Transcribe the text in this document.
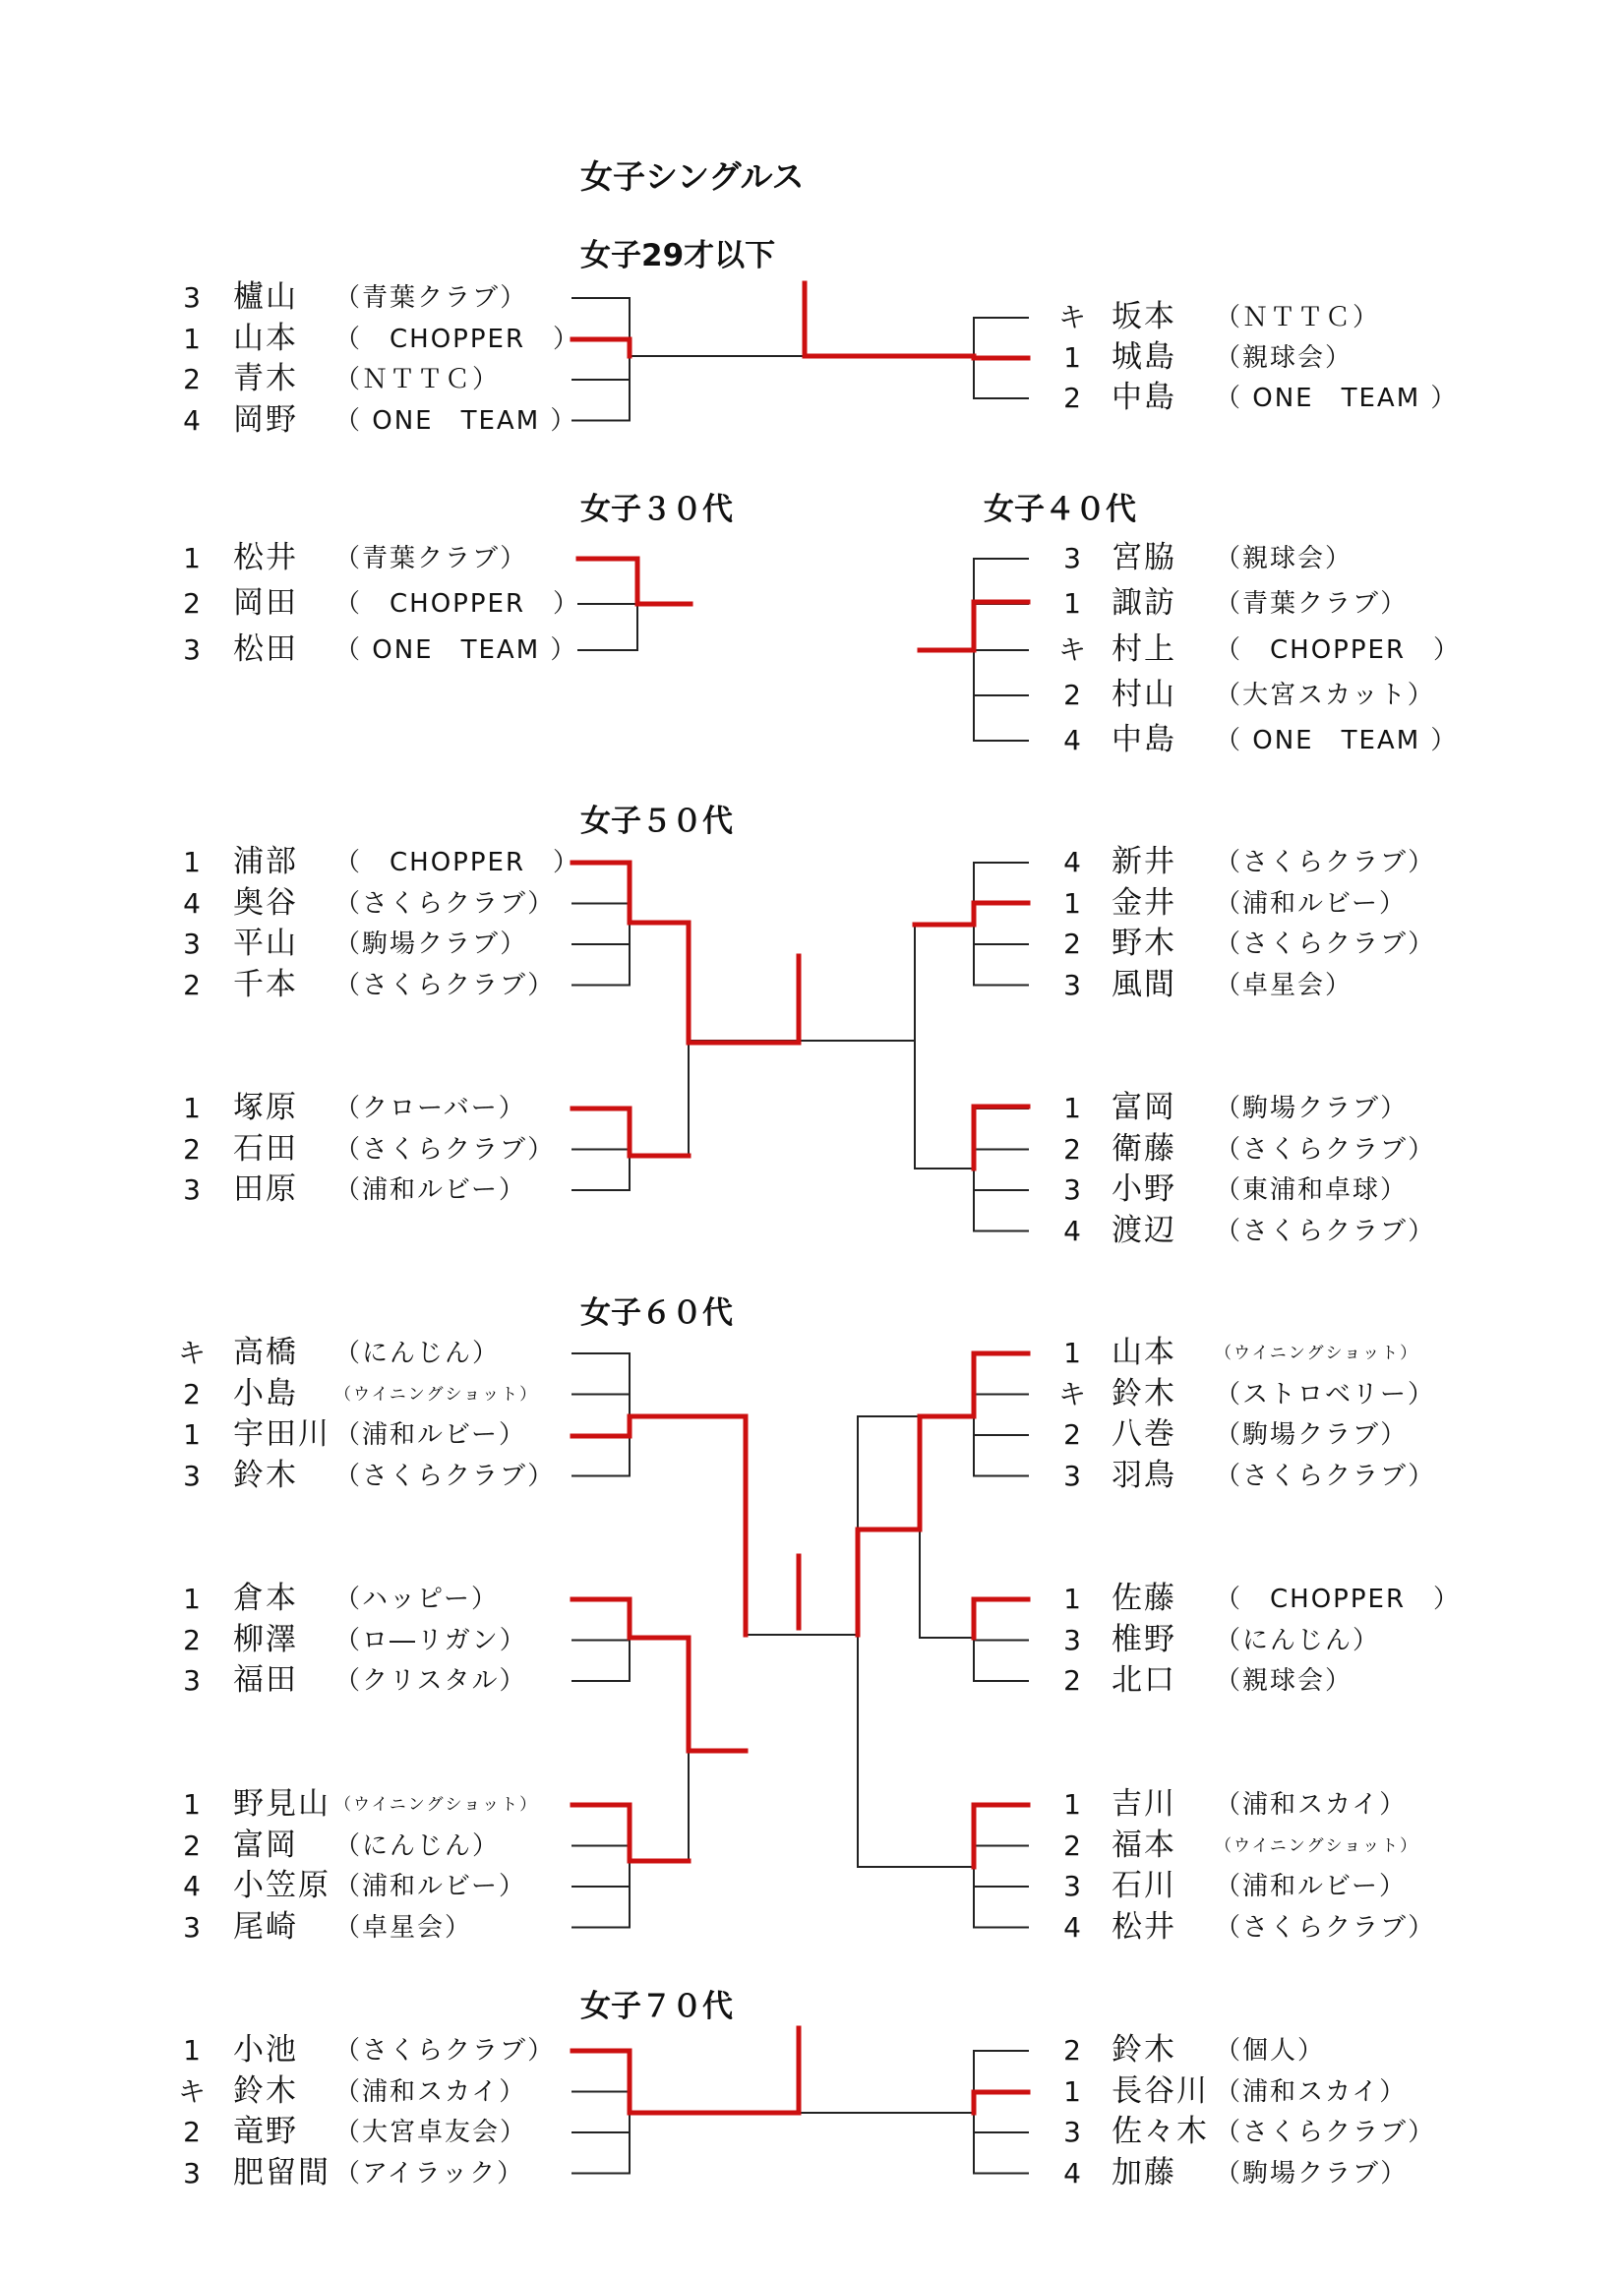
女子シングルス
女子29才以下
女子３０代	女子４０代
女子５０代
女子６０代
女子７０代
3 櫨山 （青葉クラブ）
1 山本 （　CHOPPER　）
2 青木 （ＮＴＴＣ）
4 岡野 （ ONE　TEAM ）
キ 坂本 （ＮＴＴＣ）
1 城島 （親球会）
2 中島 （ ONE　TEAM ）
1 松井 （青葉クラブ）
2 岡田 （　CHOPPER　）
3 松田 （ ONE　TEAM ）
3 宮脇 （親球会）
1 諏訪 （青葉クラブ）
キ 村上 （　CHOPPER　）
2 村山 （大宮スカット）
4 中島 （ ONE　TEAM ）
1 浦部 （　CHOPPER　）
4 奥谷 （さくらクラブ）
3 平山 （駒場クラブ）
2 千本 （さくらクラブ）
1 塚原 （クローバー）
2 石田 （さくらクラブ）
3 田原 （浦和ルビー）
4 新井 （さくらクラブ）
1 金井 （浦和ルビー）
2 野木 （さくらクラブ）
3 風間 （卓星会）
1 富岡 （駒場クラブ）
2 衛藤 （さくらクラブ）
3 小野 （東浦和卓球）
4 渡辺 （さくらクラブ）
キ 高橋 （にんじん）
2 小島 （ウイニングショット）
1 宇田川 （浦和ルビー）
3 鈴木 （さくらクラブ）
1 倉本 （ハッピー）
2 柳澤 （ロ―リガン）
3 福田 （クリスタル）
1 野見山 （ウイニングショット）
2 富岡 （にんじん）
4 小笠原 （浦和ルビー）
3 尾崎 （卓星会）
1 山本 （ウイニングショット）
キ 鈴木 （ストロベリー）
2 八巻 （駒場クラブ）
3 羽鳥 （さくらクラブ）
1 佐藤 （　CHOPPER　）
3 椎野 （にんじん）
2 北口 （親球会）
1 吉川 （浦和スカイ）
2 福本 （ウイニングショット）
3 石川 （浦和ルビー）
4 松井 （さくらクラブ）
1 小池 （さくらクラブ）
キ 鈴木 （浦和スカイ）
2 竜野 （大宮卓友会）
3 肥留間 （アイラック）
2 鈴木 （個人）
1 長谷川 （浦和スカイ）
3 佐々木 （さくらクラブ）
4 加藤 （駒場クラブ）
